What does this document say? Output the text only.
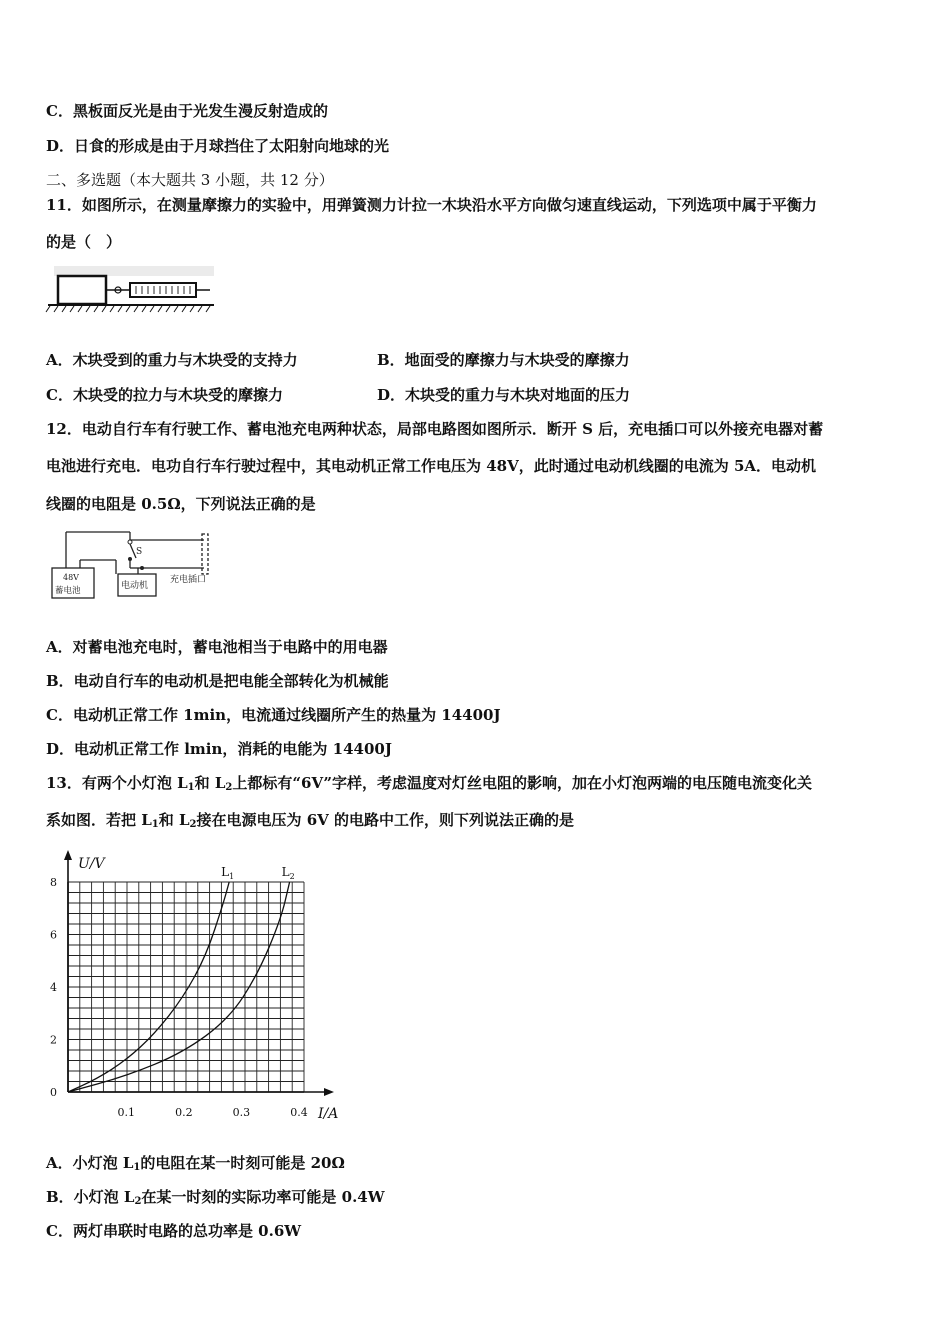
C．黑板面反光是由于光发生漫反射造成的
D．日食的形成是由于月球挡住了太阳射向地球的光
二、多选题（本大题共 3 小题，共 12 分）
11．如图所示，在测量摩擦力的实验中，用弹簧测力计拉一木块沿水平方向做匀速直线运动，下列选项中属于平衡力
的是（　）
A．木块受到的重力与木块受的支持力	B．地面受的摩擦力与木块受的摩擦力
C．木块受的拉力与木块受的摩擦力	D．木块受的重力与木块对地面的压力
12．电动自行车有行驶工作、蓄电池充电两种状态，局部电路图如图所示．断开 S 后，充电插口可以外接充电器对蓄
电池进行充电．电功自行车行驶过程中，其电动机正常工作电压为 48V，此时通过电动机线圈的电流为 5A．电动机
线圈的电阻是 0.5Ω，下列说法正确的是
S
48V
蓄电池	电动机
充电插口
A．对蓄电池充电时，蓄电池相当于电路中的用电器
B．电动自行车的电动机是把电能全部转化为机械能
C．电动机正常工作 1min，电流通过线圈所产生的热量为 14400J
D．电动机正常工作 lmin，消耗的电能为 14400J
13．有两个小灯泡 $L_1$和 $L_2$上都标有“6V”字样，考虑温度对灯丝电阻的影响，加在小灯泡两端的电压随电流变化关
系如图．若把 $L_1$和 $L_2$接在电源电压为 6V 的电路中工作，则下列说法正确的是
0
2
4
6
8
0.1	0.2	0.3	0.4
$L_1$	$L_2$
U/V
I/A
A．小灯泡 $L_1$的电阻在某一时刻可能是 20Ω
B．小灯泡 $L_2$在某一时刻的实际功率可能是 0.4W
C．两灯串联时电路的总功率是 0.6W
